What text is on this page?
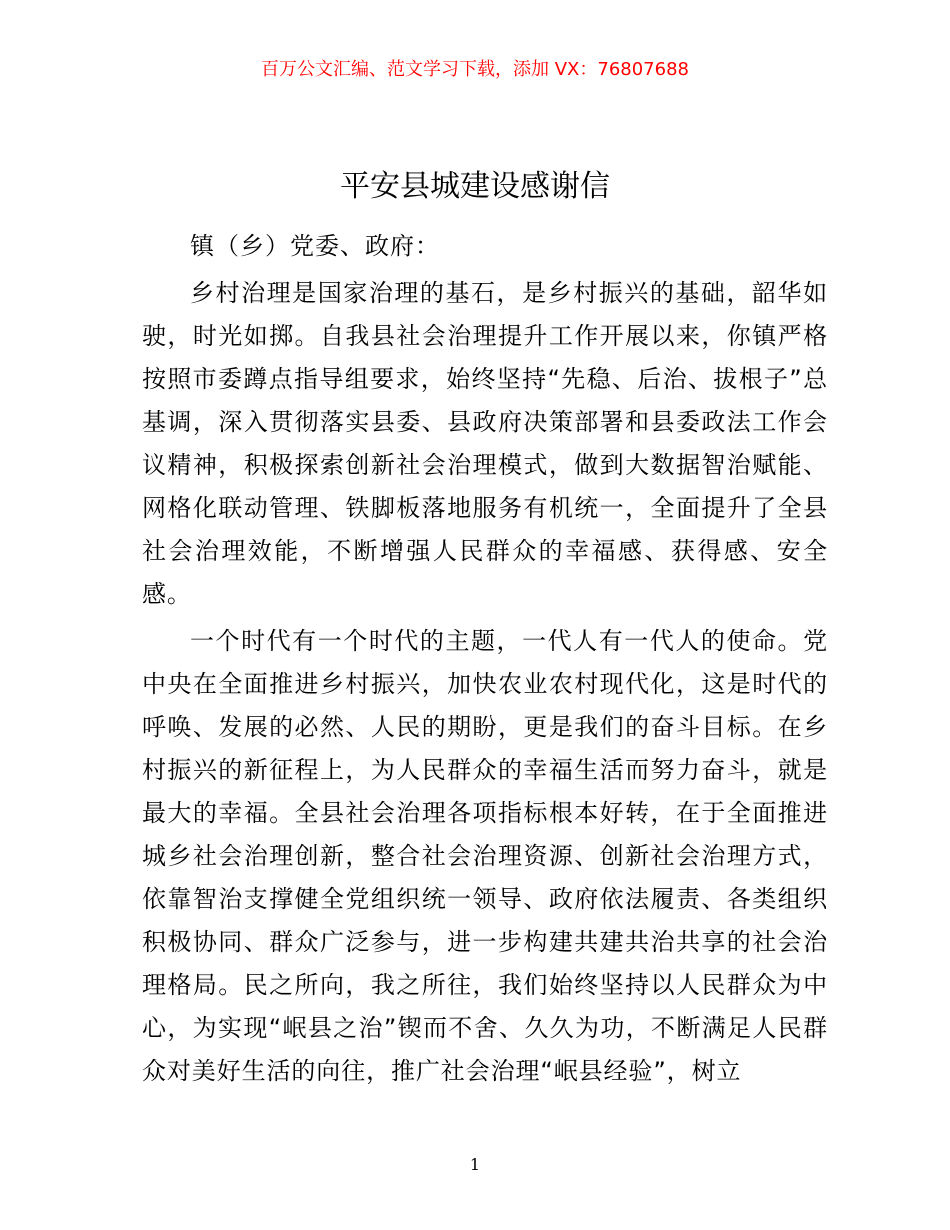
百万公文汇编、范文学习下载，添加 VX：76807688
平安县城建设感谢信

镇（乡）党委、政府：

乡村治理是国家治理的基石，是乡村振兴的基础，韶华如驶，时光如掷。自我县社会治理提升工作开展以来，你镇严格按照市委蹲点指导组要求，始终坚持“先稳、后治、拔根子”总基调，深入贯彻落实县委、县政府决策部署和县委政法工作会议精神，积极探索创新社会治理模式，做到大数据智治赋能、网格化联动管理、铁脚板落地服务有机统一，全面提升了全县社会治理效能，不断增强人民群众的幸福感、获得感、安全感。

一个时代有一个时代的主题，一代人有一代人的使命。党中央在全面推进乡村振兴，加快农业农村现代化，这是时代的呼唤、发展的必然、人民的期盼，更是我们的奋斗目标。在乡村振兴的新征程上，为人民群众的幸福生活而努力奋斗，就是最大的幸福。全县社会治理各项指标根本好转，在于全面推进城乡社会治理创新，整合社会治理资源、创新社会治理方式，依靠智治支撑健全党组织统一领导、政府依法履责、各类组织积极协同、群众广泛参与，进一步构建共建共治共享的社会治理格局。民之所向，我之所往，我们始终坚持以人民群众为中心，为实现“岷县之治”锲而不舍、久久为功，不断满足人民群众对美好生活的向往，推广社会治理“岷县经验”，树立

1
